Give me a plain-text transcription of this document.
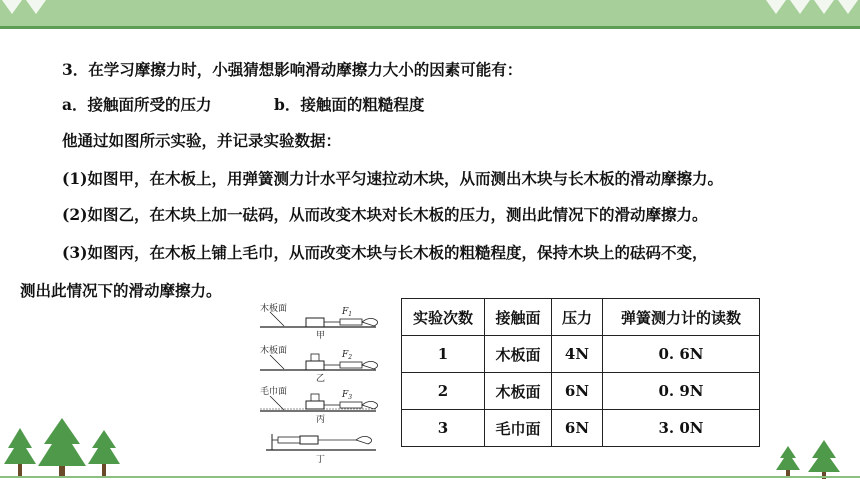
3．在学习摩擦力时，小强猜想影响滑动摩擦力大小的因素可能有：
a．接触面所受的压力	b．接触面的粗糙程度
他通过如图所示实验，并记录实验数据：
(1)如图甲，在木板上，用弹簧测力计水平匀速拉动木块，从而测出木块与长木板的滑动摩擦力。
(2)如图乙，在木块上加一砝码，从而改变木块对长木板的压力，测出此情况下的滑动摩擦力。
(3)如图丙，在木板上铺上毛巾，从而改变木块与长木板的粗糙程度，保持木块上的砝码不变，
测出此情况下的滑动摩擦力。
木板面	$F_1$
甲
木板面	$F_2$
乙
毛巾面	$F_3$
丙
丁
实验次数	接触面	压力	弹簧测力计的读数
1	木板面	4N	0. 6N
2	木板面	6N	0. 9N
3	毛巾面	6N	3. 0N
